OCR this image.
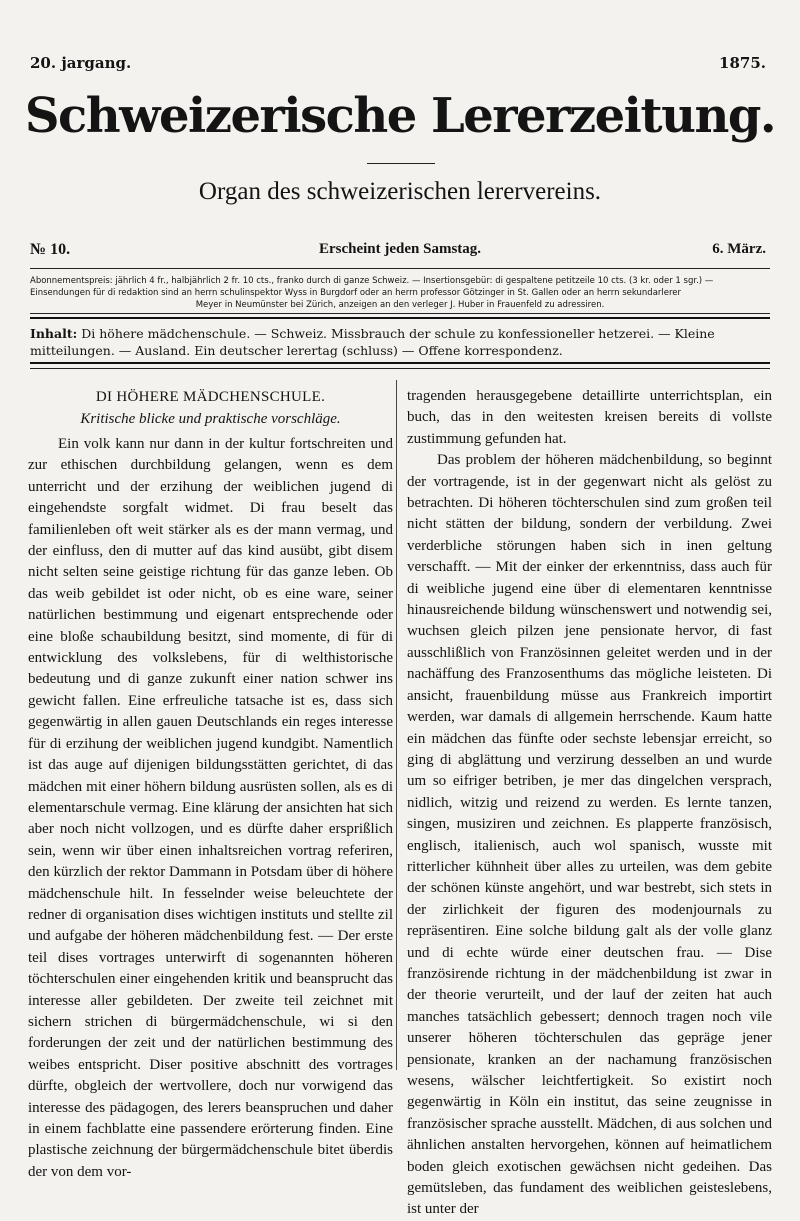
20. jargang.	1875.
Schweizerische Lererzeitung.
Organ des schweizerischen lerervereins.
№ 10.	Erscheint jeden Samstag.	6. März.
Abonnementspreis: jährlich 4 fr., halbjährlich 2 fr. 10 cts., franko durch di ganze Schweiz. — Insertionsgebür: di gespaltene petitzeile 10 cts. (3 kr. oder 1 sgr.) —
Einsendungen für di redaktion sind an herrn schulinspektor Wyss in Burgdorf oder an herrn professor Götzinger in St. Gallen oder an herrn sekundarlerer
Meyer in Neumünster bei Zürich, anzeigen an den verleger J. Huber in Frauenfeld zu adressiren.
Inhalt: Di höhere mädchenschule. — Schweiz. Missbrauch der schule zu konfessioneller hetzerei. — Kleine mitteilungen. — Ausland. Ein deutscher lerertag (schluss) — Offene korrespondenz.
DI HÖHERE MÄDCHENSCHULE.
Kritische blicke und praktische vorschläge.

Ein volk kann nur dann in der kultur fortschreiten und zur ethischen durchbildung gelangen, wenn es dem unterricht und der erzihung der weiblichen jugend di eingehendste sorgfalt widmet. Di frau beselt das familienleben oft weit stärker als es der mann vermag, und der einfluss, den di mutter auf das kind ausübt, gibt disem nicht selten seine geistige richtung für das ganze leben. Ob das weib gebildet ist oder nicht, ob es eine ware, seiner natürlichen bestimmung und eigenart entsprechende oder eine bloße schaubildung besitzt, sind momente, di für di entwicklung des volkslebens, für di welthistorische bedeutung und di ganze zukunft einer nation schwer ins gewicht fallen. Eine erfreuliche tatsache ist es, dass sich gegenwärtig in allen gauen Deutschlands ein reges interesse für di erzihung der weiblichen jugend kundgibt. Namentlich ist das auge auf dijenigen bildungsstätten gerichtet, di das mädchen mit einer höhern bildung ausrüsten sollen, als es di elementarschule vermag. Eine klärung der ansichten hat sich aber noch nicht vollzogen, und es dürfte daher ersprißlich sein, wenn wir über einen inhaltsreichen vortrag referiren, den kürzlich der rektor Dammann in Potsdam über di höhere mädchenschule hilt. In fesselnder weise beleuchtete der redner di organisation dises wichtigen instituts und stellte zil und aufgabe der höheren mädchenbildung fest. — Der erste teil dises vortrages unterwirft di sogenannten höheren töchterschulen einer eingehenden kritik und beansprucht das interesse aller gebildeten. Der zweite teil zeichnet mit sichern strichen di bürgermädchenschule, wi si den forderungen der zeit und der natürlichen bestimmung des weibes entspricht. Diser positive abschnitt des vortrages dürfte, obgleich der wertvollere, doch nur vorwigend das interesse des pädagogen, des lerers beanspruchen und daher in einem fachblatte eine passendere erörterung finden. Eine plastische zeichnung der bürgermädchenschule bitet überdis der von dem vor-

tragenden herausgegebene detaillirte unterrichtsplan, ein buch, das in den weitesten kreisen bereits di vollste zustimmung gefunden hat.

Das problem der höheren mädchenbildung, so beginnt der vortragende, ist in der gegenwart nicht als gelöst zu betrachten. Di höheren töchterschulen sind zum großen teil nicht stätten der bildung, sondern der verbildung. Zwei verderbliche störungen haben sich in inen geltung verschafft. — Mit der einker der erkenntniss, dass auch für di weibliche jugend eine über di elementaren kenntnisse hinausreichende bildung wünschenswert und notwendig sei, wuchsen gleich pilzen jene pensionate hervor, di fast ausschlißlich von Französinnen geleitet werden und in der nachäffung des Franzosenthums das mögliche leisteten. Di ansicht, frauenbildung müsse aus Frankreich importirt werden, war damals di allgemein herrschende. Kaum hatte ein mädchen das fünfte oder sechste lebensjar erreicht, so ging di abglättung und verzirung desselben an und wurde um so eifriger betriben, je mer das dingelchen versprach, nidlich, witzig und reizend zu werden. Es lernte tanzen, singen, musiziren und zeichnen. Es plapperte französisch, englisch, italienisch, auch wol spanisch, wusste mit ritterlicher kühnheit über alles zu urteilen, was dem gebite der schönen künste angehört, und war bestrebt, sich stets in der zirlichkeit der figuren des modenjournals zu repräsentiren. Eine solche bildung galt als der volle glanz und di echte würde einer deutschen frau. — Dise französirende richtung in der mädchenbildung ist zwar in der theorie verurteilt, und der lauf der zeiten hat auch manches tatsächlich gebessert; dennoch tragen noch vile unserer höheren töchterschulen das gepräge jener pensionate, kranken an der nachamung französischen wesens, wälscher leichtfertigkeit. So existirt noch gegenwärtig in Köln ein institut, das seine zeugnisse in französischer sprache ausstellt. Mädchen, di aus solchen und ähnlichen anstalten hervorgehen, können auf heimatlichem boden gleich exotischen gewächsen nicht gedeihen. Das gemütsleben, das fundament des weiblichen geisteslebens, ist unter der
